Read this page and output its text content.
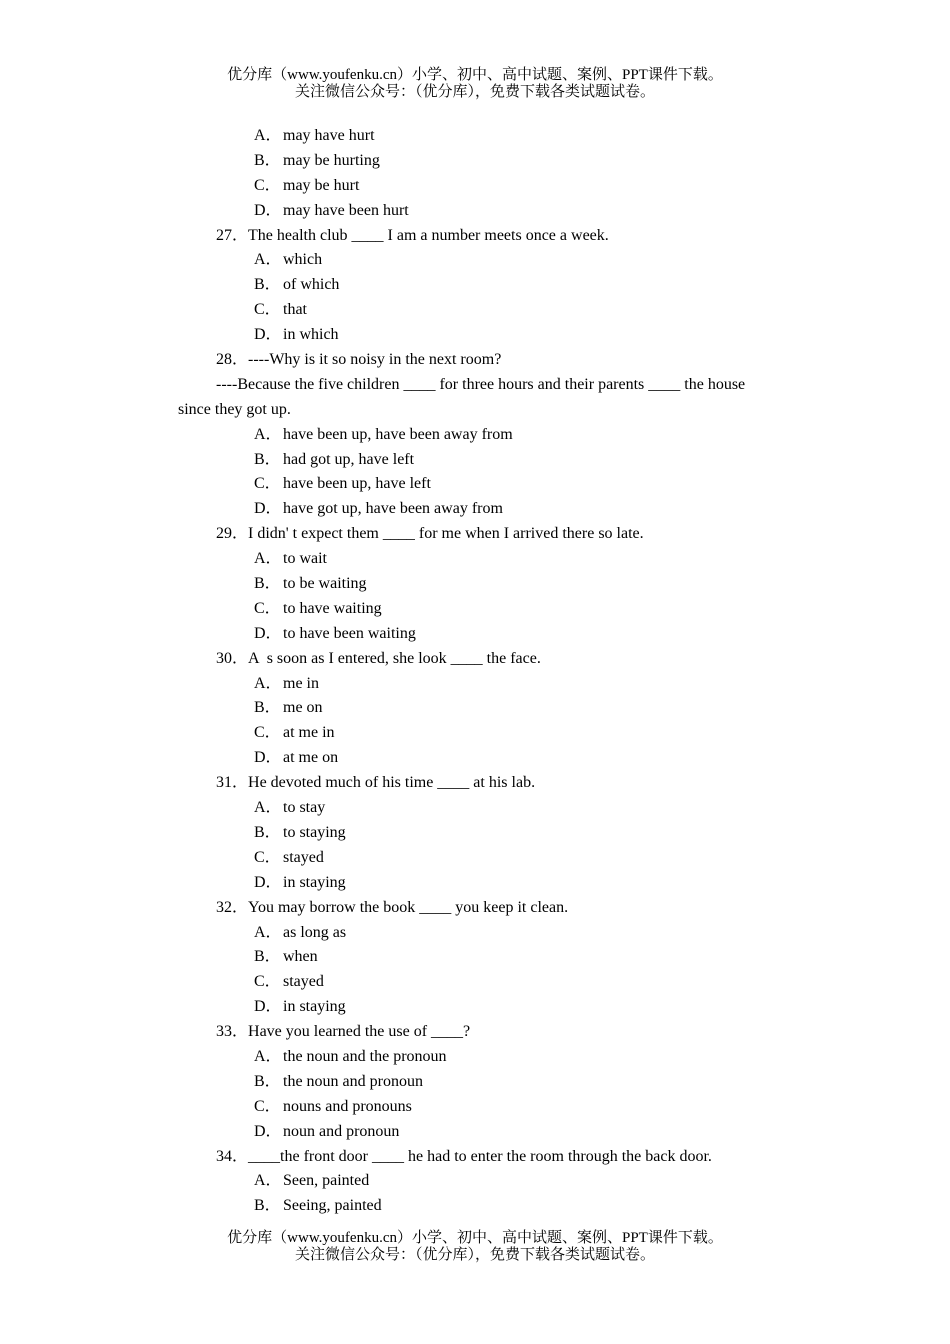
优分库（www.youfenku.cn）小学、初中、高中试题、案例、PPT课件下载。
关注微信公众号：（优分库），免费下载各类试题试卷。
A．may have hurt
B． may be hurting
C． may be hurt
D．may have been hurt
27．The health club ____ I am a number meets once a week.
A．which
B． of which
C． that
D．in which
28．----Why is it so noisy in the next room?
----Because the five children ____ for three hours and their parents ____ the house
since they got up.
A．have been up, have been away from
B． had got up, have left
C． have been up, have left
D．have got up, have been away from
29．I didn' t expect them ____ for me when I arrived there so late.
A．to wait
B． to be waiting
C． to have waiting
D．to have been waiting
30．A  s soon as I entered, she look ____ the face.
A．me in
B． me on
C． at me in
D．at me on
31．He devoted much of his time ____ at his lab.
A．to stay
B． to staying
C． stayed
D．in staying
32．You may borrow the book ____ you keep it clean.
A．as long as
B． when
C． stayed
D．in staying
33．Have you learned the use of ____?
A．the noun and the pronoun
B． the noun and pronoun
C． nouns and pronouns
D．noun and pronoun
34．____the front door ____ he had to enter the room through the back door.
A．Seen, painted
B． Seeing, painted
优分库（www.youfenku.cn）小学、初中、高中试题、案例、PPT课件下载。
关注微信公众号：（优分库），免费下载各类试题试卷。
